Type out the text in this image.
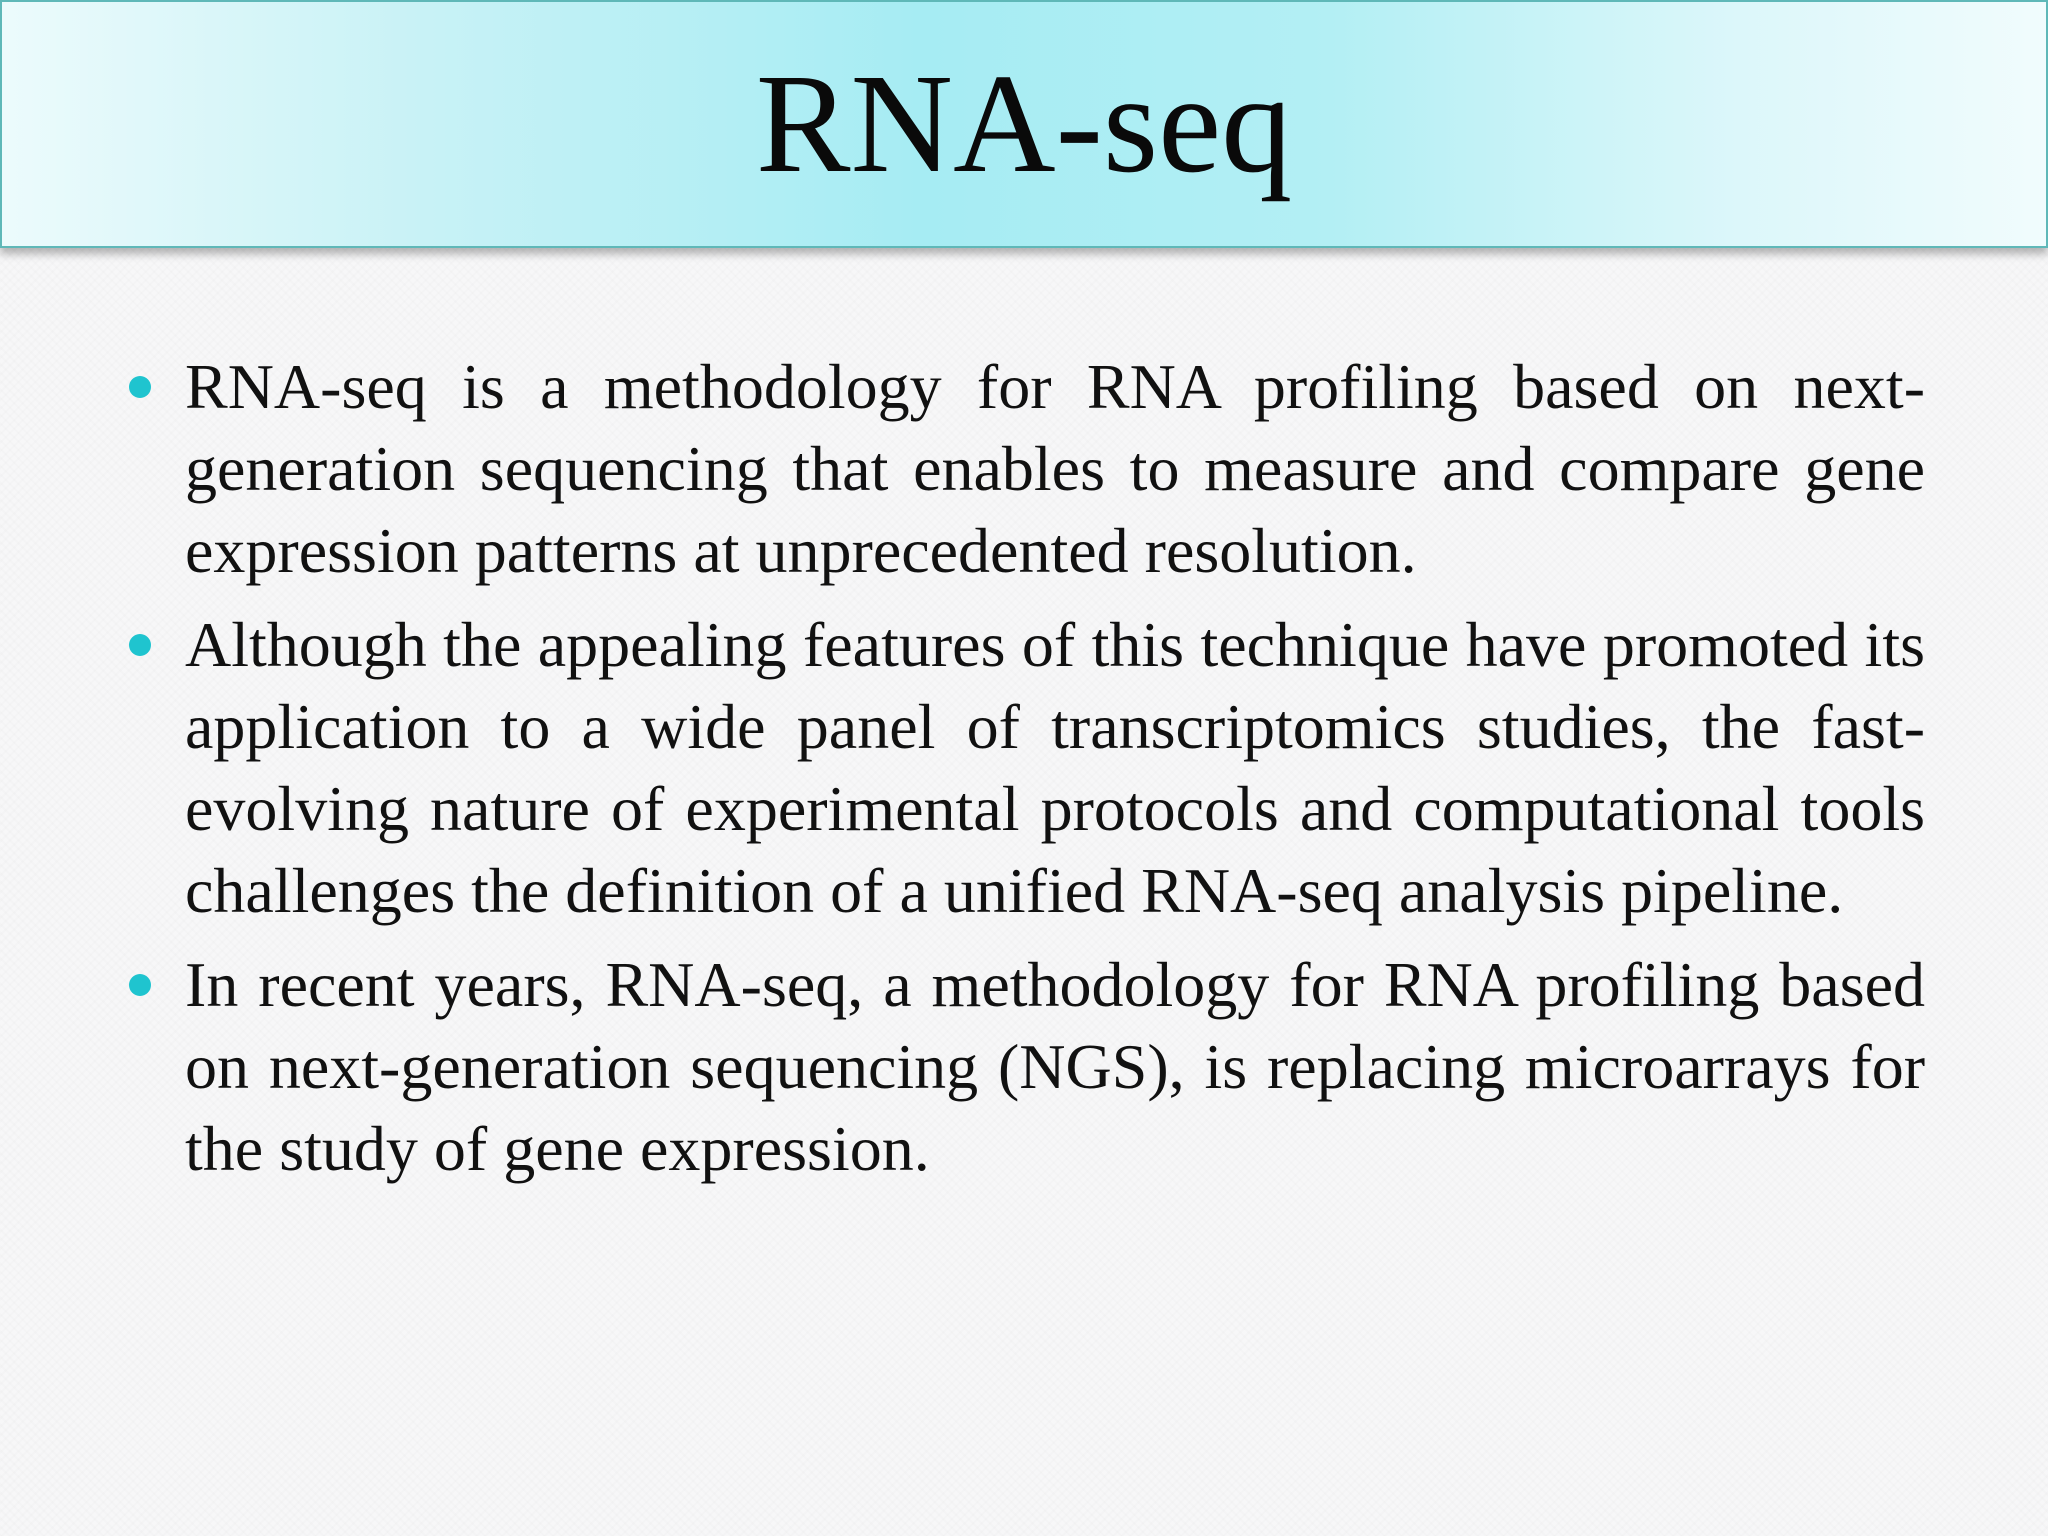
RNA-seq
RNA-seq is a methodology for RNA profiling based on next-generation sequencing that enables to measure and compare gene expression patterns at unprecedented resolution.
Although the appealing features of this technique have promoted its application to a wide panel of transcriptomics studies, the fast-evolving nature of experimental protocols and computational tools challenges the definition of a unified RNA-seq analysis pipeline.
In recent years, RNA-seq, a methodology for RNA profiling based on next-generation sequencing (NGS), is replacing microarrays for the study of gene expression.
